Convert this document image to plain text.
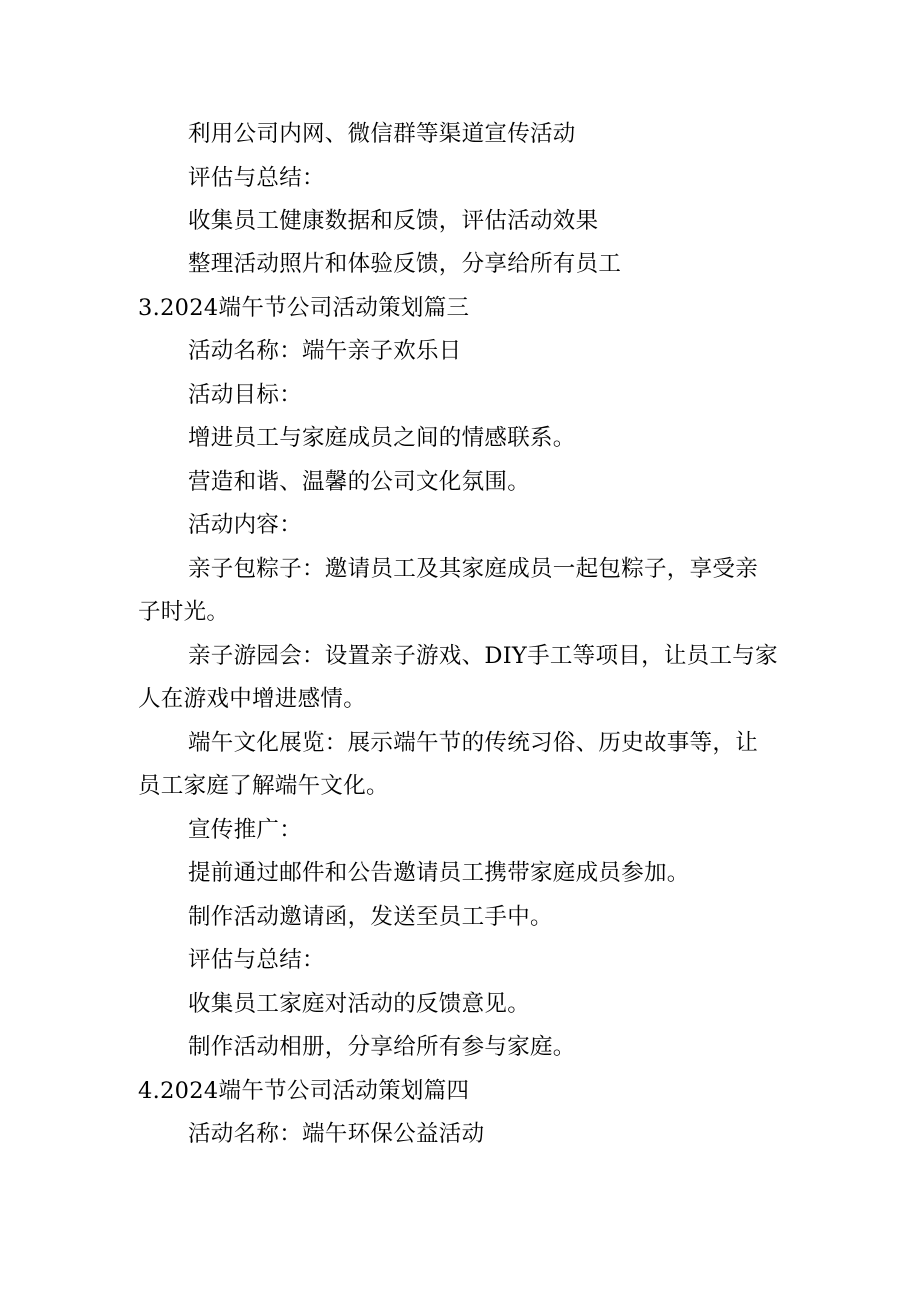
利用公司内网、微信群等渠道宣传活动
评估与总结：
收集员工健康数据和反馈，评估活动效果
整理活动照片和体验反馈，分享给所有员工
3.2024端午节公司活动策划篇三
活动名称：端午亲子欢乐日
活动目标：
增进员工与家庭成员之间的情感联系。
营造和谐、温馨的公司文化氛围。
活动内容：
亲子包粽子：邀请员工及其家庭成员一起包粽子，享受亲
子时光。
亲子游园会：设置亲子游戏、DIY手工等项目，让员工与家
人在游戏中增进感情。
端午文化展览：展示端午节的传统习俗、历史故事等，让
员工家庭了解端午文化。
宣传推广：
提前通过邮件和公告邀请员工携带家庭成员参加。
制作活动邀请函，发送至员工手中。
评估与总结：
收集员工家庭对活动的反馈意见。
制作活动相册，分享给所有参与家庭。
4.2024端午节公司活动策划篇四
活动名称：端午环保公益活动
